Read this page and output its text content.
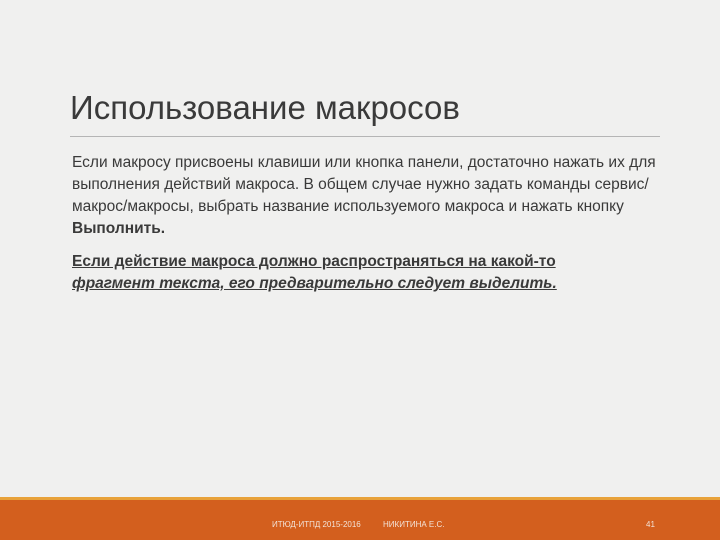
Использование макросов

Если макросу присвоены клавиши или кнопка панели, достаточно нажать их для выполнения действий макроса. В общем случае нужно задать команды сервис/макрос/макросы, выбрать название используемого макроса и нажать кнопку Выполнить.

Если действие макроса должно распространяться на какой-то
фрагмент текста, его предварительно следует выделить.

ИТЮД-ИТПД 2015-2016	НИКИТИНА Е.С.	41
